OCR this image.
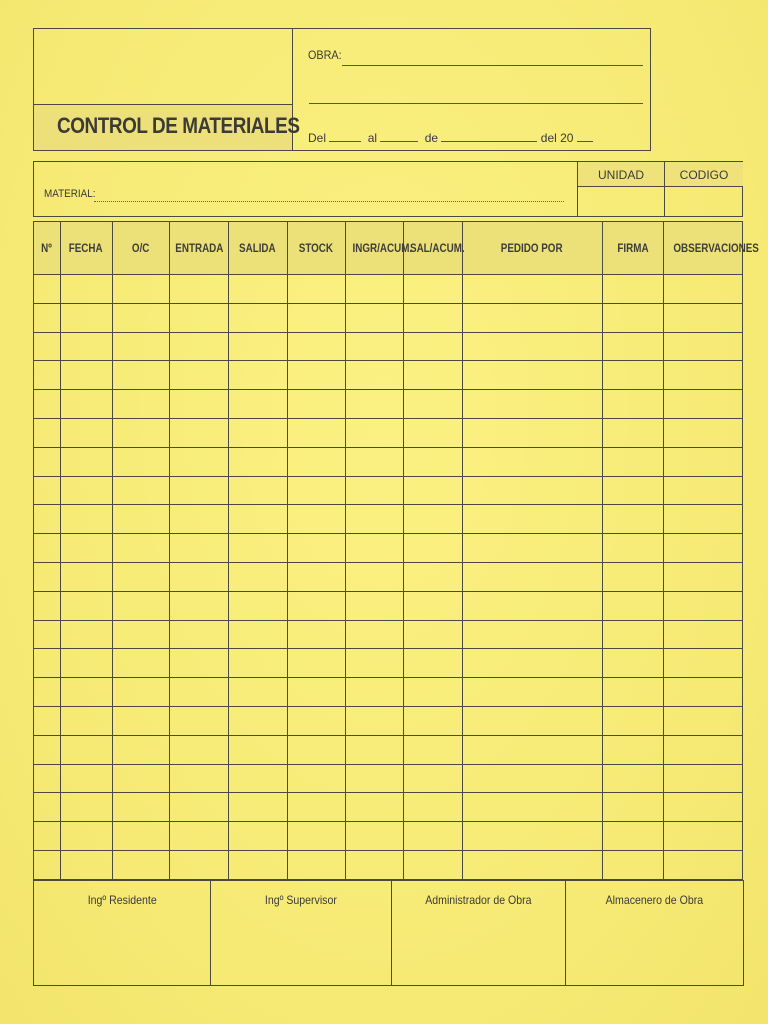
CONTROL DE MATERIALES
OBRA:
Del	al	de	del 20
MATERIAL:
UNIDAD	CODIGO
Nº	FECHA	O/C	ENTRADA	SALIDA	STOCK	INGR/ACUM.	SAL/ACUM.	PEDIDO POR	FIRMA	OBSERVACIONES

Ingº Residente	Ingº Supervisor	Administrador de Obra	Almacenero de Obra
